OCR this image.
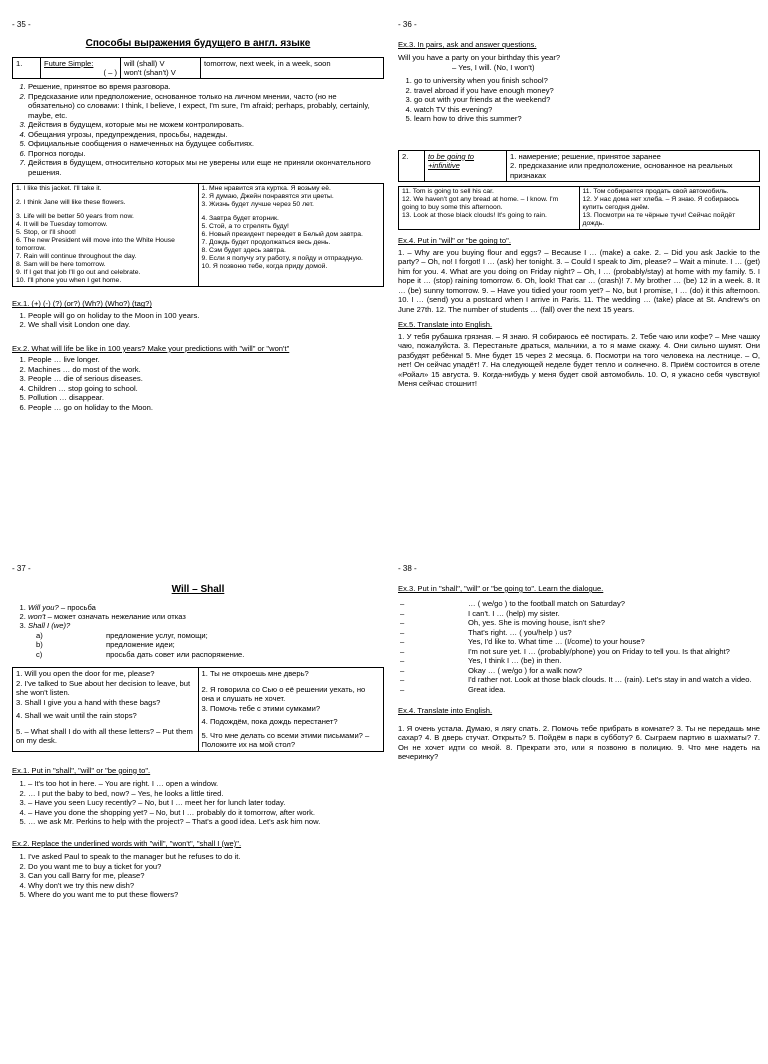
- 35 -
Способы выражения будущего в англ. языке
1.	Future Simple:
( – )

will (shall) V
won't (shan't) V
	tomorrow, next week, in a week, soon
1. Решение, принятое во время разговора.
2. Предсказание или предположение, основанное только на личном мнении, часто (но не обязательно) со словами: I think, I believe, I expect, I'm sure, I'm afraid; perhaps, probably, certainly, maybe, etc.
3. Действия в будущем, которые мы не можем контролировать.
4. Обещания угрозы, предупреждения, просьбы, надежды.
5. Официальные сообщения о намеченных на будущее событиях.
6. Прогноз погоды.
7. Действия в будущем, относительно которых мы не уверены или еще не приняли окончательного решения.
1. I like this jacket. I'll take it.
2. I think Jane will like these flowers.
3. Life will be better 50 years from now.
4. It will be Tuesday tomorrow.
5. Stop, or I'll shoot!
6. The new President will move into the White House tomorrow.
7. Rain will continue throughout the day.
8. Sam will be here tomorrow.
9. If I get that job I'll go out and celebrate.
10. I'll phone you when I get home.

1. Мне нравится эта куртка. Я возьму её.
2. Я думаю, Джейн понравятся эти цветы.
3. Жизнь будет лучше через 50 лет.
4. Завтра будет вторник.
5. Стой, а то стрелять буду!
6. Новый президент переедет в Белый дом завтра.
7. Дождь будет продолжаться весь день.
8. Сэм будет здесь завтра.
9. Если я получу эту работу, я пойду и отпраздную.
10. Я позвоню тебе, когда приду домой.
Ex.1. (+) (-) (?) (or?) (Wh?) (Who?) (tag?)
1. People will go on holiday to the Moon in 100 years.
2. We shall visit London one day.
Ex.2. What will life be like in 100 years? Make your predictions with "will" or "won't"
1. People … live longer.
2. Machines … do most of the work.
3. People … die of serious diseases.
4. Children … stop going to school.
5. Pollution … disappear.
6. People … go on holiday to the Moon.
- 36 -
Ex.3. In pairs, ask and answer questions.
Will you have a party on your birthday this year?
– Yes, I will. (No, I won't)
1. go to university when you finish school?
2. travel abroad if you have enough money?
3. go out with your friends at the weekend?
4. watch TV this evening?
5. learn how to drive this summer?
2.	to be going to
+infinitive

1. намерение; решение, принятое заранее
2. предсказание или предположение, основанное на реальных признаках
11. Tom is going to sell his car.
12. We haven't got any bread at home. – I know. I'm going to buy some this afternoon.
13. Look at those black clouds! It's going to rain.

11. Том собирается продать свой автомобиль.
12. У нас дома нет хлеба. – Я знаю. Я собираюсь купить сегодня днём.
13. Посмотри на те чёрные тучи! Сейчас пойдёт дождь.
Ex.4. Put in "will" or "be going to".
1. – Why are you buying flour and eggs? – Because I … (make) a cake. 2. – Did you ask Jackie to the party? – Oh, no! I forgot! I … (ask) her tonight. 3. – Could I speak to Jim, please? – Wait a minute. I … (get) him for you. 4. What are you doing on Friday night? – Oh, I … (probably/stay) at home with my family. 5. I hope it … (stop) raining tomorrow. 6. Oh, look! That car … (crash)! 7. My brother … (be) 12 in a week. 8. It … (be) sunny tomorrow. 9. – Have you tidied your room yet? – No, but I promise, I … (do) it this afternoon. 10. I … (send) you a postcard when I arrive in Paris. 11. The wedding … (take) place at St. Andrew's on June 27th. 12. The number of students … (fall) over the next 15 years.
Ex.5. Translate into English.
1. У тебя рубашка грязная. – Я знаю. Я собираюсь её постирать. 2. Тебе чаю или кофе? – Мне чашку чаю, пожалуйста. 3. Перестаньте драться, мальчики, а то я маме скажу. 4. Они сильно шумят. Они разбудят ребёнка! 5. Мне будет 15 через 2 месяца. 6. Посмотри на того человека на лестнице. – О, нет! Он сейчас упадёт! 7. На следующей неделе будет тепло и солнечно. 8. Приём состоится в отеле «Ройал» 15 августа. 9. Когда-нибудь у меня будет свой автомобиль. 10. О, я ужасно себя чувствую! Меня сейчас стошнит!
- 37 -
Will – Shall
1. Will you? – просьба
2. won't – может означать нежелание или отказ
3. Shall I (we)?
a)	предложение услуг, помощи;
b)	предложение идеи;
c)	просьба дать совет или распоряжение.
1. Will you open the door for me, please?
2. I've talked to Sue about her decision to leave, but she won't listen.
3. Shall I give you a hand with these bags?
4. Shall we wait until the rain stops?
5. – What shall I do with all these letters? – Put them on my desk.

1. Ты не откроешь мне дверь?
2. Я говорила со Сью о её решении уехать, но она и слушать не хочет.
3. Помочь тебе с этими сумками?
4. Подождём, пока дождь перестанет?
5. Что мне делать со всеми этими письмами? – Положите их на мой стол?
Ex.1. Put in "shall", "will" or "be going to".
1. – It's too hot in here. – You are right. I … open a window.
2. … I put the baby to bed, now? – Yes, he looks a little tired.
3. – Have you seen Lucy recently? – No, but I … meet her for lunch later today.
4. – Have you done the shopping yet? – No, but I … probably do it tomorrow, after work.
5. … we ask Mr. Perkins to help with the project? – That's a good idea. Let's ask him now.
Ex.2. Replace the underlined words with "will", "won't", "shall I (we)".
1. I've asked Paul to speak to the manager but he refuses to do it.
2. Do you want me to buy a ticket for you?
3. Can you call Barry for me, please?
4. Why don't we try this new dish?
5. Where do you want me to put these flowers?
- 38 -
Ex.3. Put in "shall", "will" or "be going to". Learn the dialogue.
–	… ( we/go ) to the football match on Saturday?
–	I can't. I … (help) my sister.
–	Oh, yes. She is moving house, isn't she?
–	That's right. … ( you/help ) us?
–	Yes, I'd like to. What time … (I/come) to your house?
–	I'm not sure yet. I … (probably/phone) you on Friday to tell you. Is that alright?
–	Yes, I think I … (be) in then.
–	Okay … ( we/go ) for a walk now?
–	I'd rather not. Look at those black clouds. It … (rain). Let's stay in and watch a video.
–	Great idea.
Ex.4. Translate into English.
1. Я очень устала. Думаю, я лягу спать. 2. Помочь тебе прибрать в комнате? 3. Ты не передашь мне сахар? 4. В дверь стучат. Открыть? 5. Пойдём в парк в субботу? 6. Сыграем партию в шахматы? 7. Он не хочет идти со мной. 8. Прекрати это, или я позвоню в полицию. 9. Что мне надеть на вечеринку?
